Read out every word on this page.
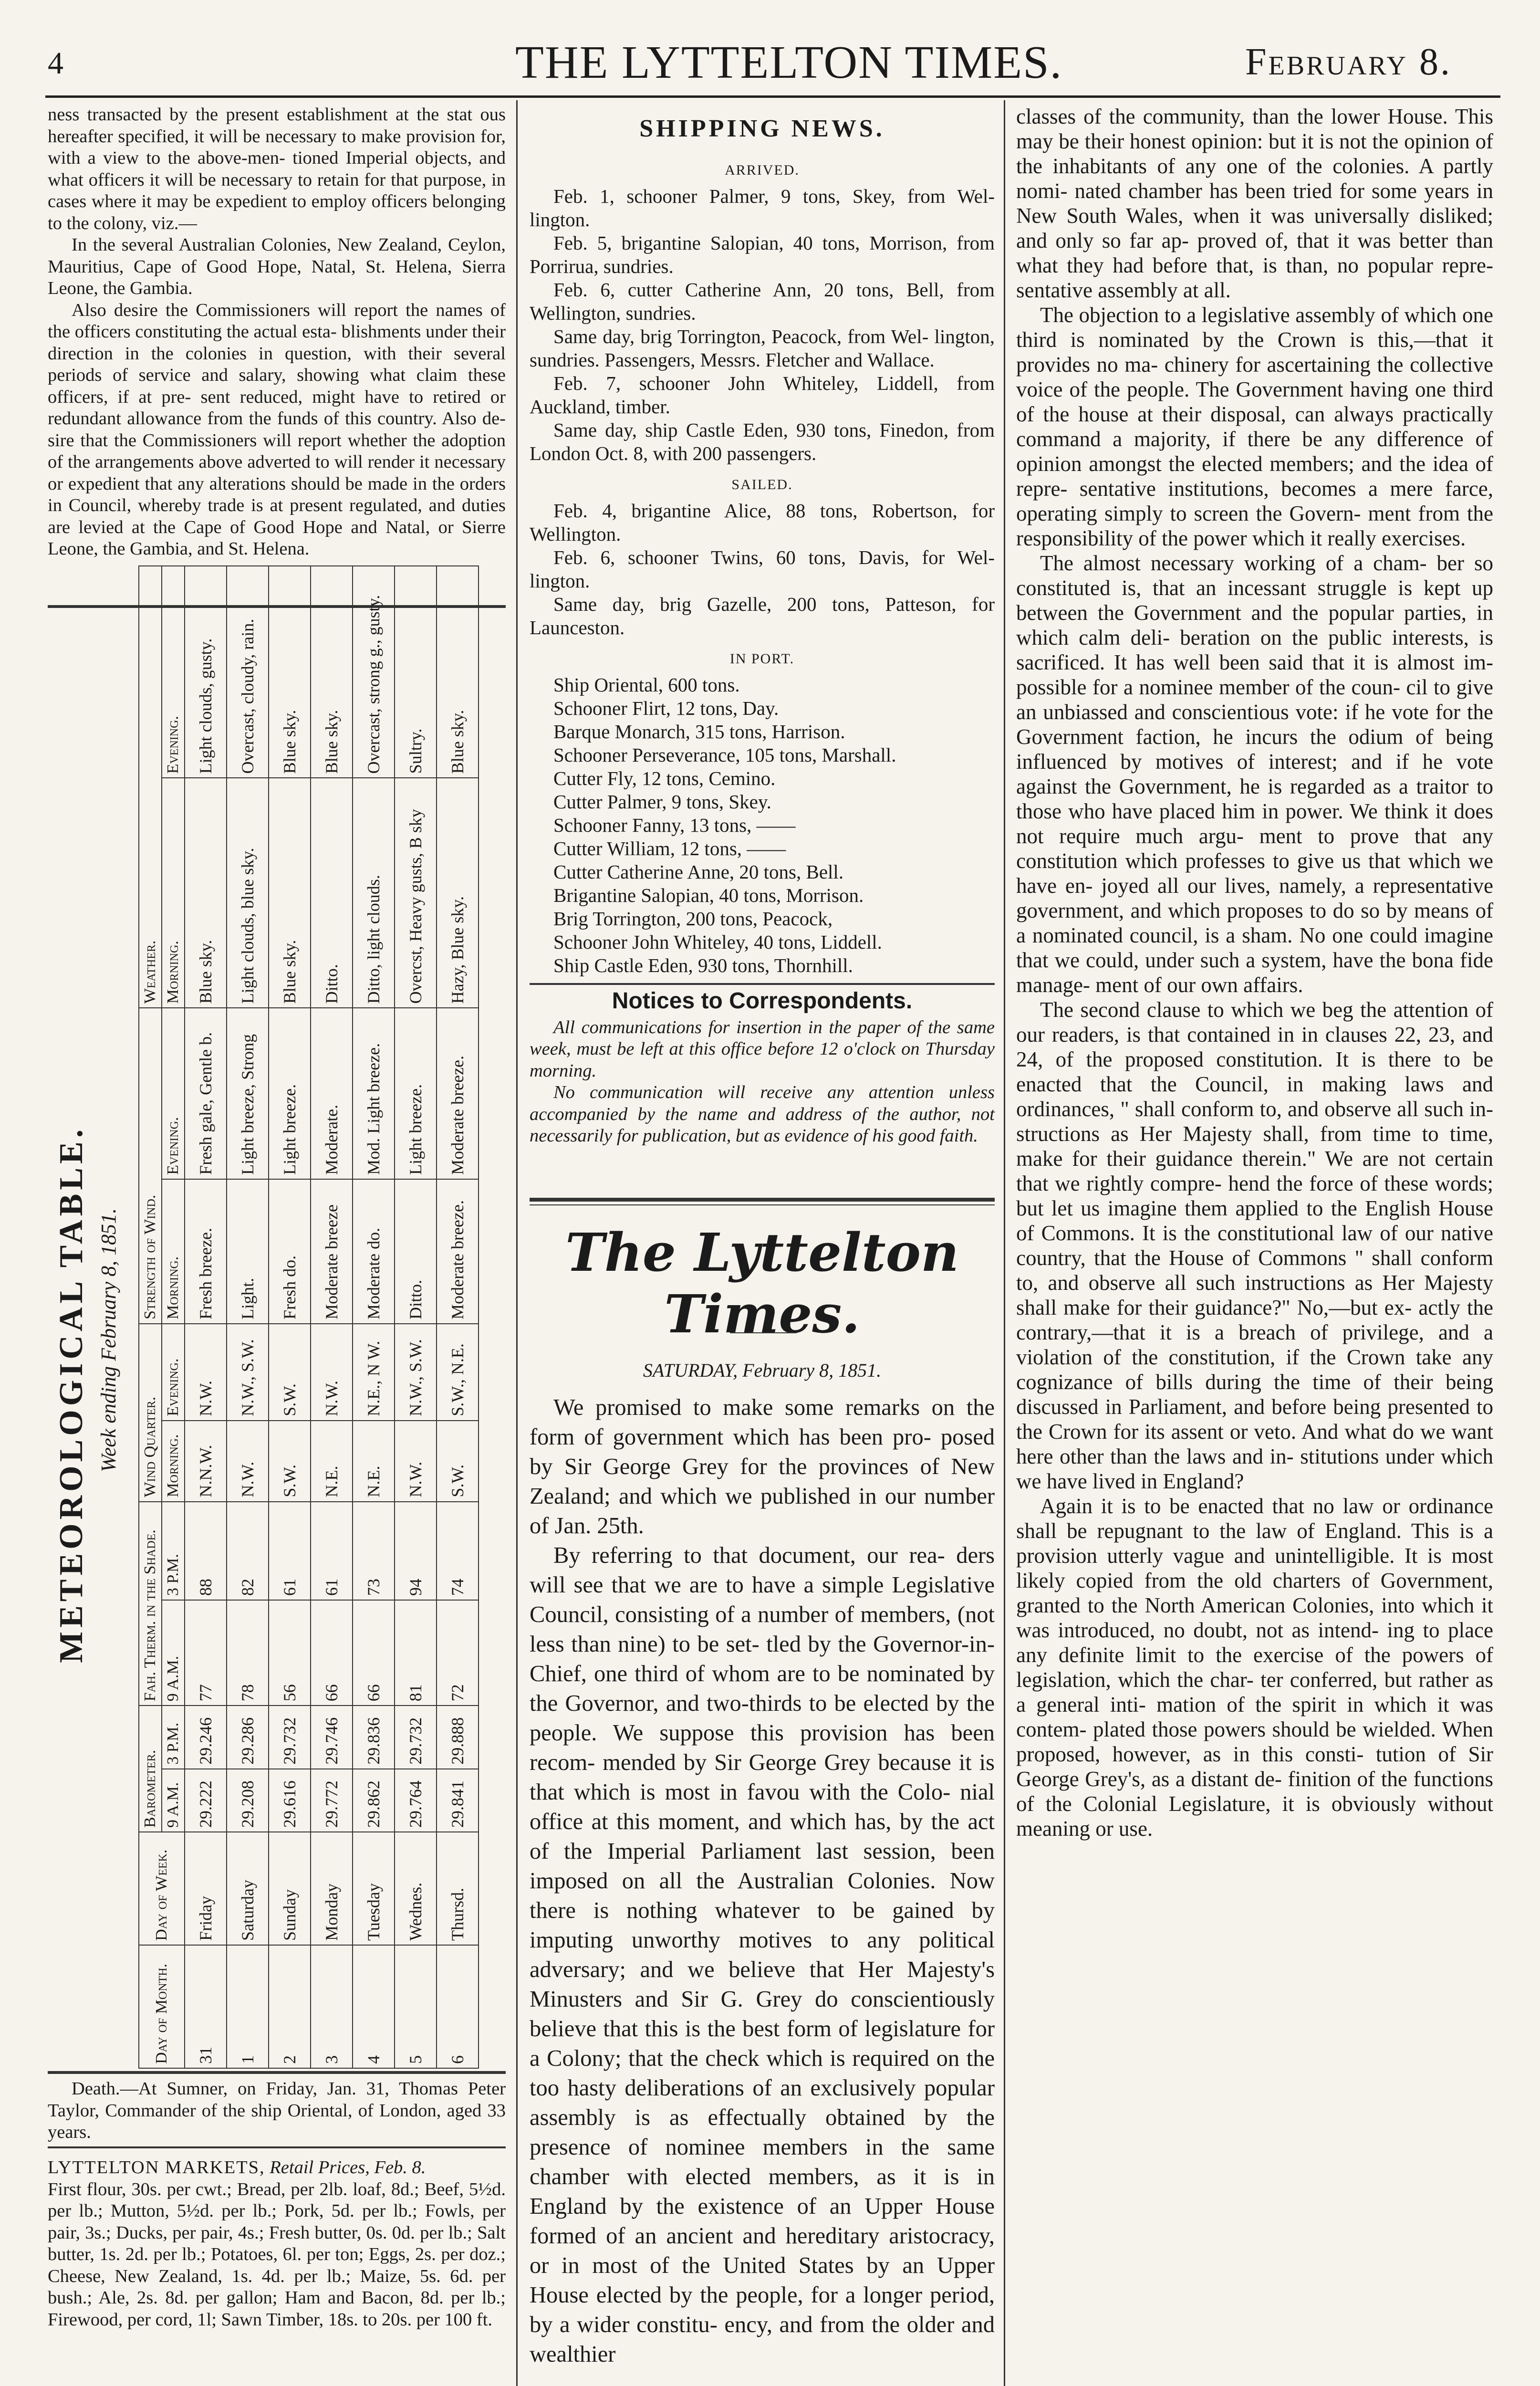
4	THE LYTTELTON TIMES.	February 8.

ness transacted by the present establishment at the stat ous hereafter specified, it will be necessary to make provision for, with a view to the above-men- tioned Imperial objects, and what officers it will be necessary to retain for that purpose, in cases where it may be expedient to employ officers belonging to the colony, viz.—

In the several Australian Colonies, New Zealand, Ceylon, Mauritius, Cape of Good Hope, Natal, St. Helena, Sierra Leone, the Gambia.

Also desire the Commissioners will report the names of the officers constituting the actual esta- blishments under their direction in the colonies in question, with their several periods of service and salary, showing what claim these officers, if at pre- sent reduced, might have to retired or redundant allowance from the funds of this country. Also de- sire that the Commissioners will report whether the adoption of the arrangements above adverted to will render it necessary or expedient that any alterations should be made in the orders in Council, whereby trade is at present regulated, and duties are levied at the Cape of Good Hope and Natal, or Sierre Leone, the Gambia, and St. Helena.

METEOROLOGICAL TABLE. Week ending February 8, 1851.
Day of Month.	Day of Week.	Barometer.		Fah. Therm. in the Shade.		Wind Quarter.		Strength of Wind.		Weather.	
		9 A.M.	3 P.M.	9 A.M.	3 P.M.	Morning.	Evening.	Morning.	Evening.	Morning.	Evening.
31	Friday	29.222	29.246	77	88	N.N.W.	N.W.	Fresh breeze.	Fresh gale, Gentle b.	Blue sky.	Light clouds, gusty.
1	Saturday	29.208	29.286	78	82	N.W.	N.W., S.W.	Light.	Light breeze, Strong	Light clouds, blue sky.	Overcast, cloudy, rain.
2	Sunday	29.616	29.732	56	61	S.W.	S.W.	Fresh do.	Light breeze.	Blue sky.	Blue sky.
3	Monday	29.772	29.746	66	61	N.E.	N.W.	Moderate breeze	Moderate.	Ditto.	Blue sky.
4	Tuesday	29.862	29.836	66	73	N.E.	N.E., N W.	Moderate do.	Mod. Light breeze.	Ditto, light clouds.	Overcast, strong g., gusty.
5	Wednes.	29.764	29.732	81	94	N.W.	N.W., S.W.	Ditto.	Light breeze.	Overcst, Heavy gusts, B sky	Sultry.
6	Thursd.	29.841	29.888	72	74	S.W.	S.W., N.E.	Moderate breeze.	Moderate breeze.	Hazy, Blue sky.	Blue sky.

Death.—At Sumner, on Friday, Jan. 31, Thomas Peter Taylor, Commander of the ship Oriental, of London, aged 33 years.

LYTTELTON MARKETS, Retail Prices, Feb. 8.

First flour, 30s. per cwt.; Bread, per 2lb. loaf, 8d.; Beef, 5½d. per lb.; Mutton, 5½d. per lb.; Pork, 5d. per lb.; Fowls, per pair, 3s.; Ducks, per pair, 4s.; Fresh butter, 0s. 0d. per lb.; Salt butter, 1s. 2d. per lb.; Potatoes, 6l. per ton; Eggs, 2s. per doz.; Cheese, New Zealand, 1s. 4d. per lb.; Maize, 5s. 6d. per bush.; Ale, 2s. 8d. per gallon; Ham and Bacon, 8d. per lb.; Firewood, per cord, 1l; Sawn Timber, 18s. to 20s. per 100 ft.

SHIPPING NEWS.
ARRIVED.

Feb. 1, schooner Palmer, 9 tons, Skey, from Wel- lington.

Feb. 5, brigantine Salopian, 40 tons, Morrison, from Porrirua, sundries.

Feb. 6, cutter Catherine Ann, 20 tons, Bell, from Wellington, sundries.

Same day, brig Torrington, Peacock, from Wel- lington, sundries. Passengers, Messrs. Fletcher and Wallace.

Feb. 7, schooner John Whiteley, Liddell, from Auckland, timber.

Same day, ship Castle Eden, 930 tons, Finedon, from London Oct. 8, with 200 passengers.

SAILED.

Feb. 4, brigantine Alice, 88 tons, Robertson, for Wellington.

Feb. 6, schooner Twins, 60 tons, Davis, for Wel- lington.

Same day, brig Gazelle, 200 tons, Patteson, for Launceston.

IN PORT.

Ship Oriental, 600 tons.

Schooner Flirt, 12 tons, Day.

Barque Monarch, 315 tons, Harrison.

Schooner Perseverance, 105 tons, Marshall.

Cutter Fly, 12 tons, Cemino.

Cutter Palmer, 9 tons, Skey.

Schooner Fanny, 13 tons, ——

Cutter William, 12 tons, ——

Cutter Catherine Anne, 20 tons, Bell.

Brigantine Salopian, 40 tons, Morrison.

Brig Torrington, 200 tons, Peacock,

Schooner John Whiteley, 40 tons, Liddell.

Ship Castle Eden, 930 tons, Thornhill.

Notices to Correspondents.

All communications for insertion in the paper of the same week, must be left at this office before 12 o'clock on Thursday morning.

No communication will receive any attention unless accompanied by the name and address of the author, not necessarily for publication, but as evidence of his good faith.

The Lyttelton Times.
SATURDAY, February 8, 1851.

We promised to make some remarks on the form of government which has been pro- posed by Sir George Grey for the provinces of New Zealand; and which we published in our number of Jan. 25th.

By referring to that document, our rea- ders will see that we are to have a simple Legislative Council, consisting of a number of members, (not less than nine) to be set- tled by the Governor-in-Chief, one third of whom are to be nominated by the Governor, and two-thirds to be elected by the people. We suppose this provision has been recom- mended by Sir George Grey because it is that which is most in favou with the Colo- nial office at this moment, and which has, by the act of the Imperial Parliament last session, been imposed on all the Australian Colonies. Now there is nothing whatever to be gained by imputing unworthy motives to any political adversary; and we believe that Her Majesty's Minusters and Sir G. Grey do conscientiously believe that this is the best form of legislature for a Colony; that the check which is required on the too hasty deliberations of an exclusively popular assembly is as effectually obtained by the presence of nominee members in the same chamber with elected members, as it is in England by the existence of an Upper House formed of an ancient and hereditary aristocracy, or in most of the United States by an Upper House elected by the people, for a longer period, by a wider constitu- ency, and from the older and wealthier

classes of the community, than the lower House. This may be their honest opinion: but it is not the opinion of the inhabitants of any one of the colonies. A partly nomi- nated chamber has been tried for some years in New South Wales, when it was universally disliked; and only so far ap- proved of, that it was better than what they had before that, is than, no popular repre- sentative assembly at all.

The objection to a legislative assembly of which one third is nominated by the Crown is this,—that it provides no ma- chinery for ascertaining the collective voice of the people. The Government having one third of the house at their disposal, can always practically command a majority, if there be any difference of opinion amongst the elected members; and the idea of repre- sentative institutions, becomes a mere farce, operating simply to screen the Govern- ment from the responsibility of the power which it really exercises.

The almost necessary working of a cham- ber so constituted is, that an incessant struggle is kept up between the Government and the popular parties, in which calm deli- beration on the public interests, is sacrificed. It has well been said that it is almost im- possible for a nominee member of the coun- cil to give an unbiassed and conscientious vote: if he vote for the Government faction, he incurs the odium of being influenced by motives of interest; and if he vote against the Government, he is regarded as a traitor to those who have placed him in power. We think it does not require much argu- ment to prove that any constitution which professes to give us that which we have en- joyed all our lives, namely, a representative government, and which proposes to do so by means of a nominated council, is a sham. No one could imagine that we could, under such a system, have the bona fide manage- ment of our own affairs.

The second clause to which we beg the attention of our readers, is that contained in in clauses 22, 23, and 24, of the proposed constitution. It is there to be enacted that the Council, in making laws and ordinances, " shall conform to, and observe all such in- structions as Her Majesty shall, from time to time, make for their guidance therein." We are not certain that we rightly compre- hend the force of these words; but let us imagine them applied to the English House of Commons. It is the constitutional law of our native country, that the House of Commons " shall conform to, and observe all such instructions as Her Majesty shall make for their guidance?" No,—but ex- actly the contrary,—that it is a breach of privilege, and a violation of the constitution, if the Crown take any cognizance of bills during the time of their being discussed in Parliament, and before being presented to the Crown for its assent or veto. And what do we want here other than the laws and in- stitutions under which we have lived in England?

Again it is to be enacted that no law or ordinance shall be repugnant to the law of England. This is a provision utterly vague and unintelligible. It is most likely copied from the old charters of Government, granted to the North American Colonies, into which it was introduced, no doubt, not as intend- ing to place any definite limit to the exercise of the powers of legislation, which the char- ter conferred, but rather as a general inti- mation of the spirit in which it was contem- plated those powers should be wielded. When proposed, however, as in this consti- tution of Sir George Grey's, as a distant de- finition of the functions of the Colonial Legislature, it is obviously without meaning or use.
